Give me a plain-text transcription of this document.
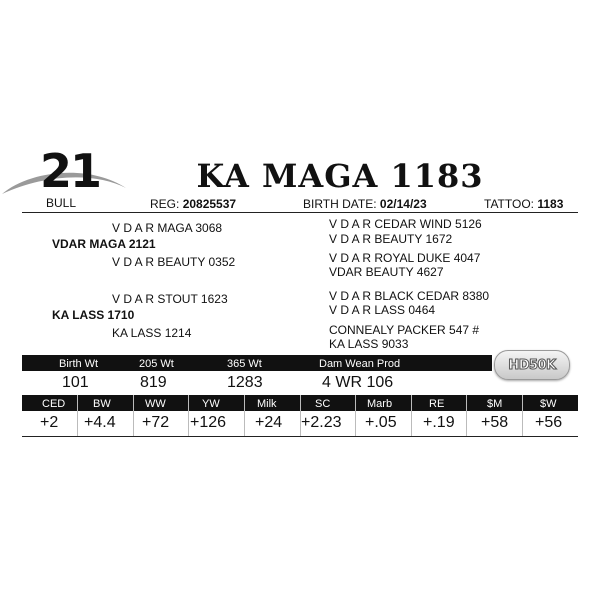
21
BULL
KA MAGA 1183
REG: 20825537	BIRTH DATE: 02/14/23	TATTOO: 1183
V D A R MAGA 3068
VDAR MAGA 2121
V D A R BEAUTY 0352
V D A R STOUT 1623
KA LASS 1710
KA LASS 1214
V D A R CEDAR WIND 5126
V D A R BEAUTY 1672
V D A R ROYAL DUKE 4047
VDAR BEAUTY 4627
V D A R BLACK CEDAR 8380
V D A R LASS 0464
CONNEALY PACKER 547 #
KA LASS 9033
Birth Wt	205 Wt	365 Wt	Dam Wean Prod	HD50K
101	819	1283	4 WR 106
CED	BW	WW	YW	Milk	SC	Marb	RE	$M	$W
+2 +4.4 +72 +126 +24 +2.23 +.05 +.19 +58 +56
